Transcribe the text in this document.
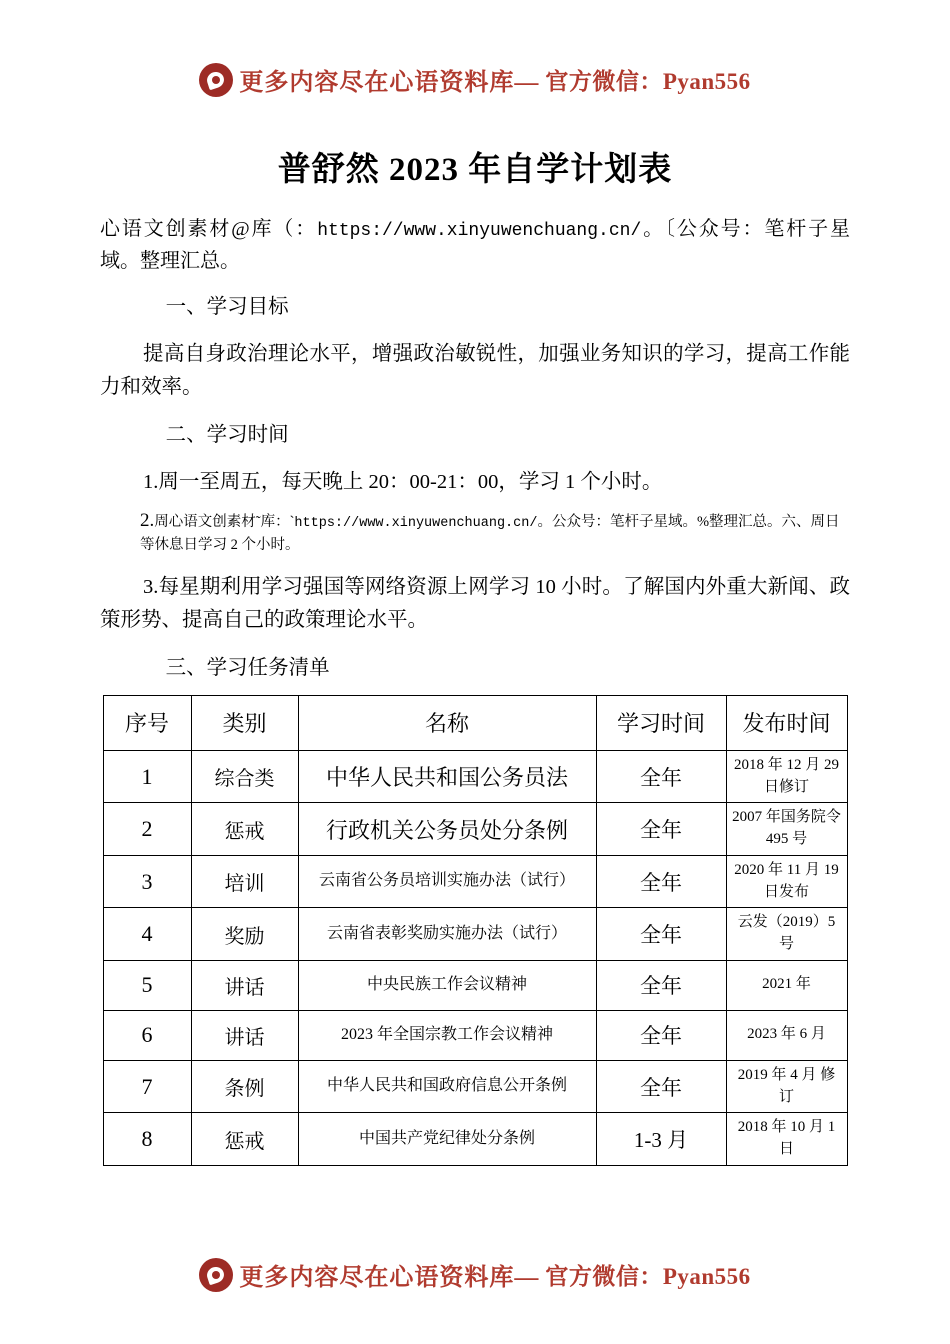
更多内容尽在心语资料库— 官方微信：Pyan556
普舒然 2023 年自学计划表
心语文创素材@库（：https://www.xinyuwenchuang.cn/。〔公众号：笔杆子星域。整理汇总。
一、学习目标
提高自身政治理论水平，增强政治敏锐性，加强业务知识的学习，提高工作能力和效率。
二、学习时间
1.周一至周五，每天晚上 20：00-21：00，学习 1 个小时。
2.周心语文创素材˜库：`https://www.xinyuwenchuang.cn/。公众号：笔杆子星域。%整理汇总。六、周日等休息日学习 2 个小时。
3.每星期利用学习强国等网络资源上网学习 10 小时。了解国内外重大新闻、政策形势、提高自己的政策理论水平。
三、学习任务清单
序号	类别	名称	学习时间	发布时间
1	综合类	中华人民共和国公务员法	全年	2018 年 12 月 29 日修订
2	惩戒	行政机关公务员处分条例	全年	2007 年国务院令 495 号
3	培训	云南省公务员培训实施办法（试行）	全年	2020 年 11 月 19 日发布
4	奖励	云南省表彰奖励实施办法（试行）	全年	云发（2019）5 号
5	讲话	中央民族工作会议精神	全年	2021 年
6	讲话	2023 年全国宗教工作会议精神	全年	2023 年 6 月
7	条例	中华人民共和国政府信息公开条例	全年	2019 年 4 月 修 订
8	惩戒	中国共产党纪律处分条例	1-3 月	2018 年 10 月 1 日
更多内容尽在心语资料库— 官方微信：Pyan556
